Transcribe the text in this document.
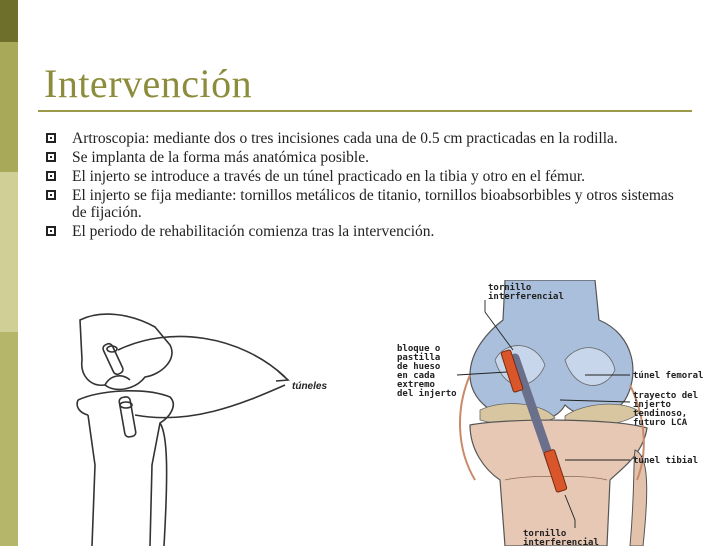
Intervención
Artroscopia: mediante dos o tres incisiones cada una de 0.5 cm practicadas en la rodilla.
Se implanta de la forma más anatómica posible.
El injerto se introduce a través de un túnel practicado en la tibia y otro en el fémur.
El injerto se fija mediante: tornillos metálicos de titanio, tornillos bioabsorbibles y otros sistemas de fijación.
El periodo de rehabilitación comienza tras la intervención.
túneles
tornillo
interferencial
bloque o
pastilla
de hueso
en cada
extremo
del injerto
túnel femoral
trayecto del
injerto
tendinoso,
futuro LCA
túnel tibial
tornillo
interferencial
